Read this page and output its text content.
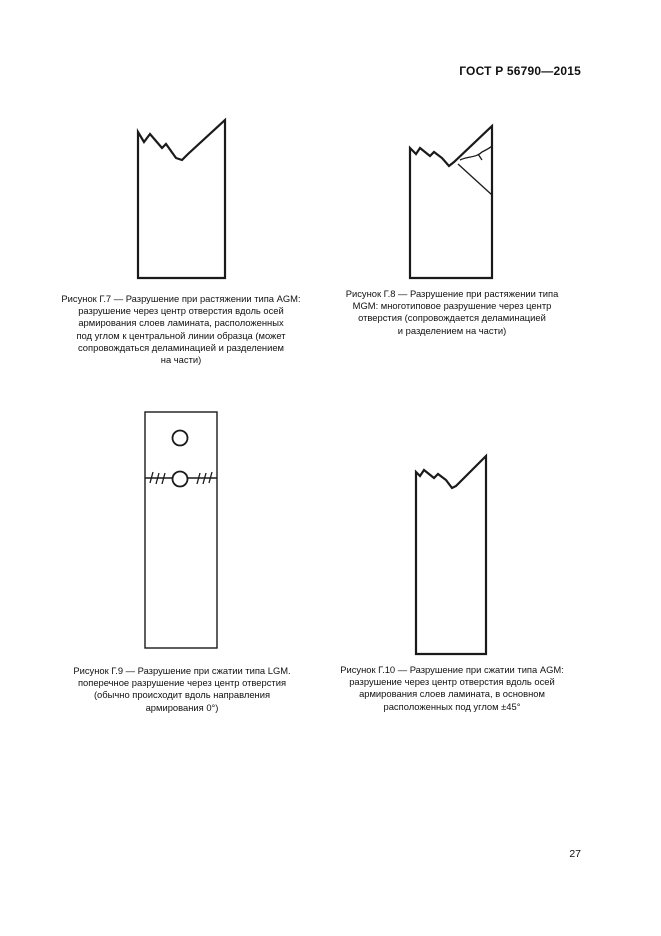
ГОСТ Р 56790—2015
Рисунок Г.7 — Разрушение при растяжении типа AGM:
разрушение через центр отверстия вдоль осей
армирования слоев ламината, расположенных
под углом к центральной линии образца (может
сопровождаться деламинацией и разделением
на части)
Рисунок Г.8 — Разрушение при растяжении типа
MGM: многотиповое разрушение через центр
отверстия (сопровождается деламинацией
и разделением на части)
Рисунок Г.9 — Разрушение при сжатии типа LGM.
поперечное разрушение через центр отверстия
(обычно происходит вдоль направления
армирования 0°)
Рисунок Г.10 — Разрушение при сжатии типа AGM:
разрушение через центр отверстия вдоль осей
армирования слоев ламината, в основном
расположенных под углом ±45°
27
